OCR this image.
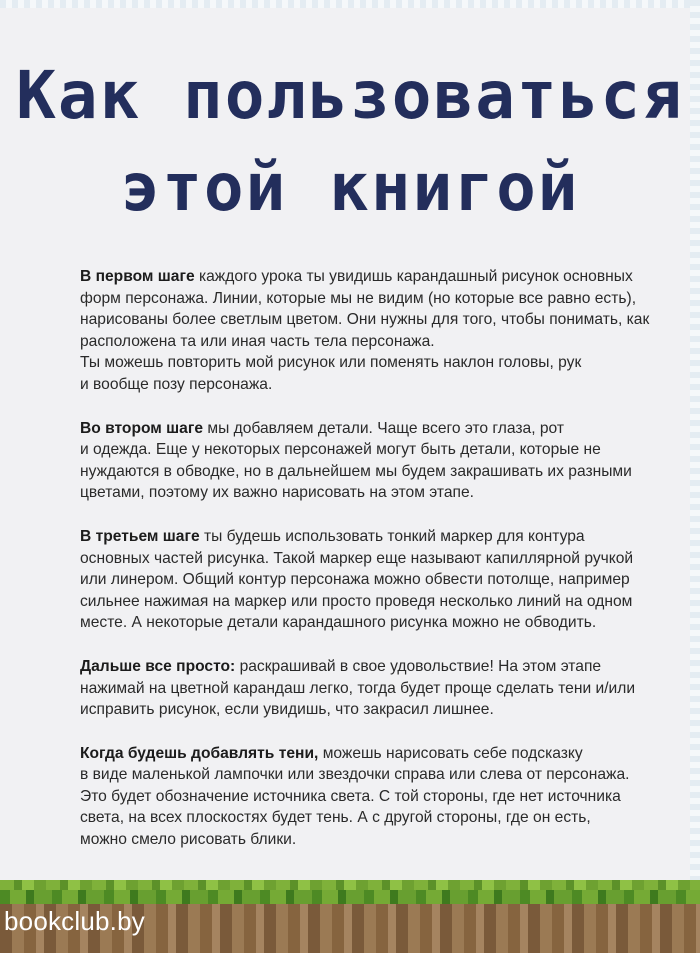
Как пользоваться
этой книгой

В первом шаге каждого урока ты увидишь карандашный рисунок основных
форм персонажа. Линии, которые мы не видим (но которые все равно есть),
нарисованы более светлым цветом. Они нужны для того, чтобы понимать, как
расположена та или иная часть тела персонажа.
Ты можешь повторить мой рисунок или поменять наклон головы, рук
и вообще позу персонажа.

Во втором шаге мы добавляем детали. Чаще всего это глаза, рот
и одежда. Еще у некоторых персонажей могут быть детали, которые не
нуждаются в обводке, но в дальнейшем мы будем закрашивать их разными
цветами, поэтому их важно нарисовать на этом этапе.

В третьем шаге ты будешь использовать тонкий маркер для контура
основных частей рисунка. Такой маркер еще называют капиллярной ручкой
или линером. Общий контур персонажа можно обвести потолще, например
сильнее нажимая на маркер или просто проведя несколько линий на одном
месте. А некоторые детали карандашного рисунка можно не обводить.

Дальше все просто: раскрашивай в свое удовольствие! На этом этапе
нажимай на цветной карандаш легко, тогда будет проще сделать тени и/или
исправить рисунок, если увидишь, что закрасил лишнее.

Когда будешь добавлять тени, можешь нарисовать себе подсказку
в виде маленькой лампочки или звездочки справа или слева от персонажа.
Это будет обозначение источника света. С той стороны, где нет источника
света, на всех плоскостях будет тень. А с другой стороны, где он есть,
можно смело рисовать блики.

bookclub.by
